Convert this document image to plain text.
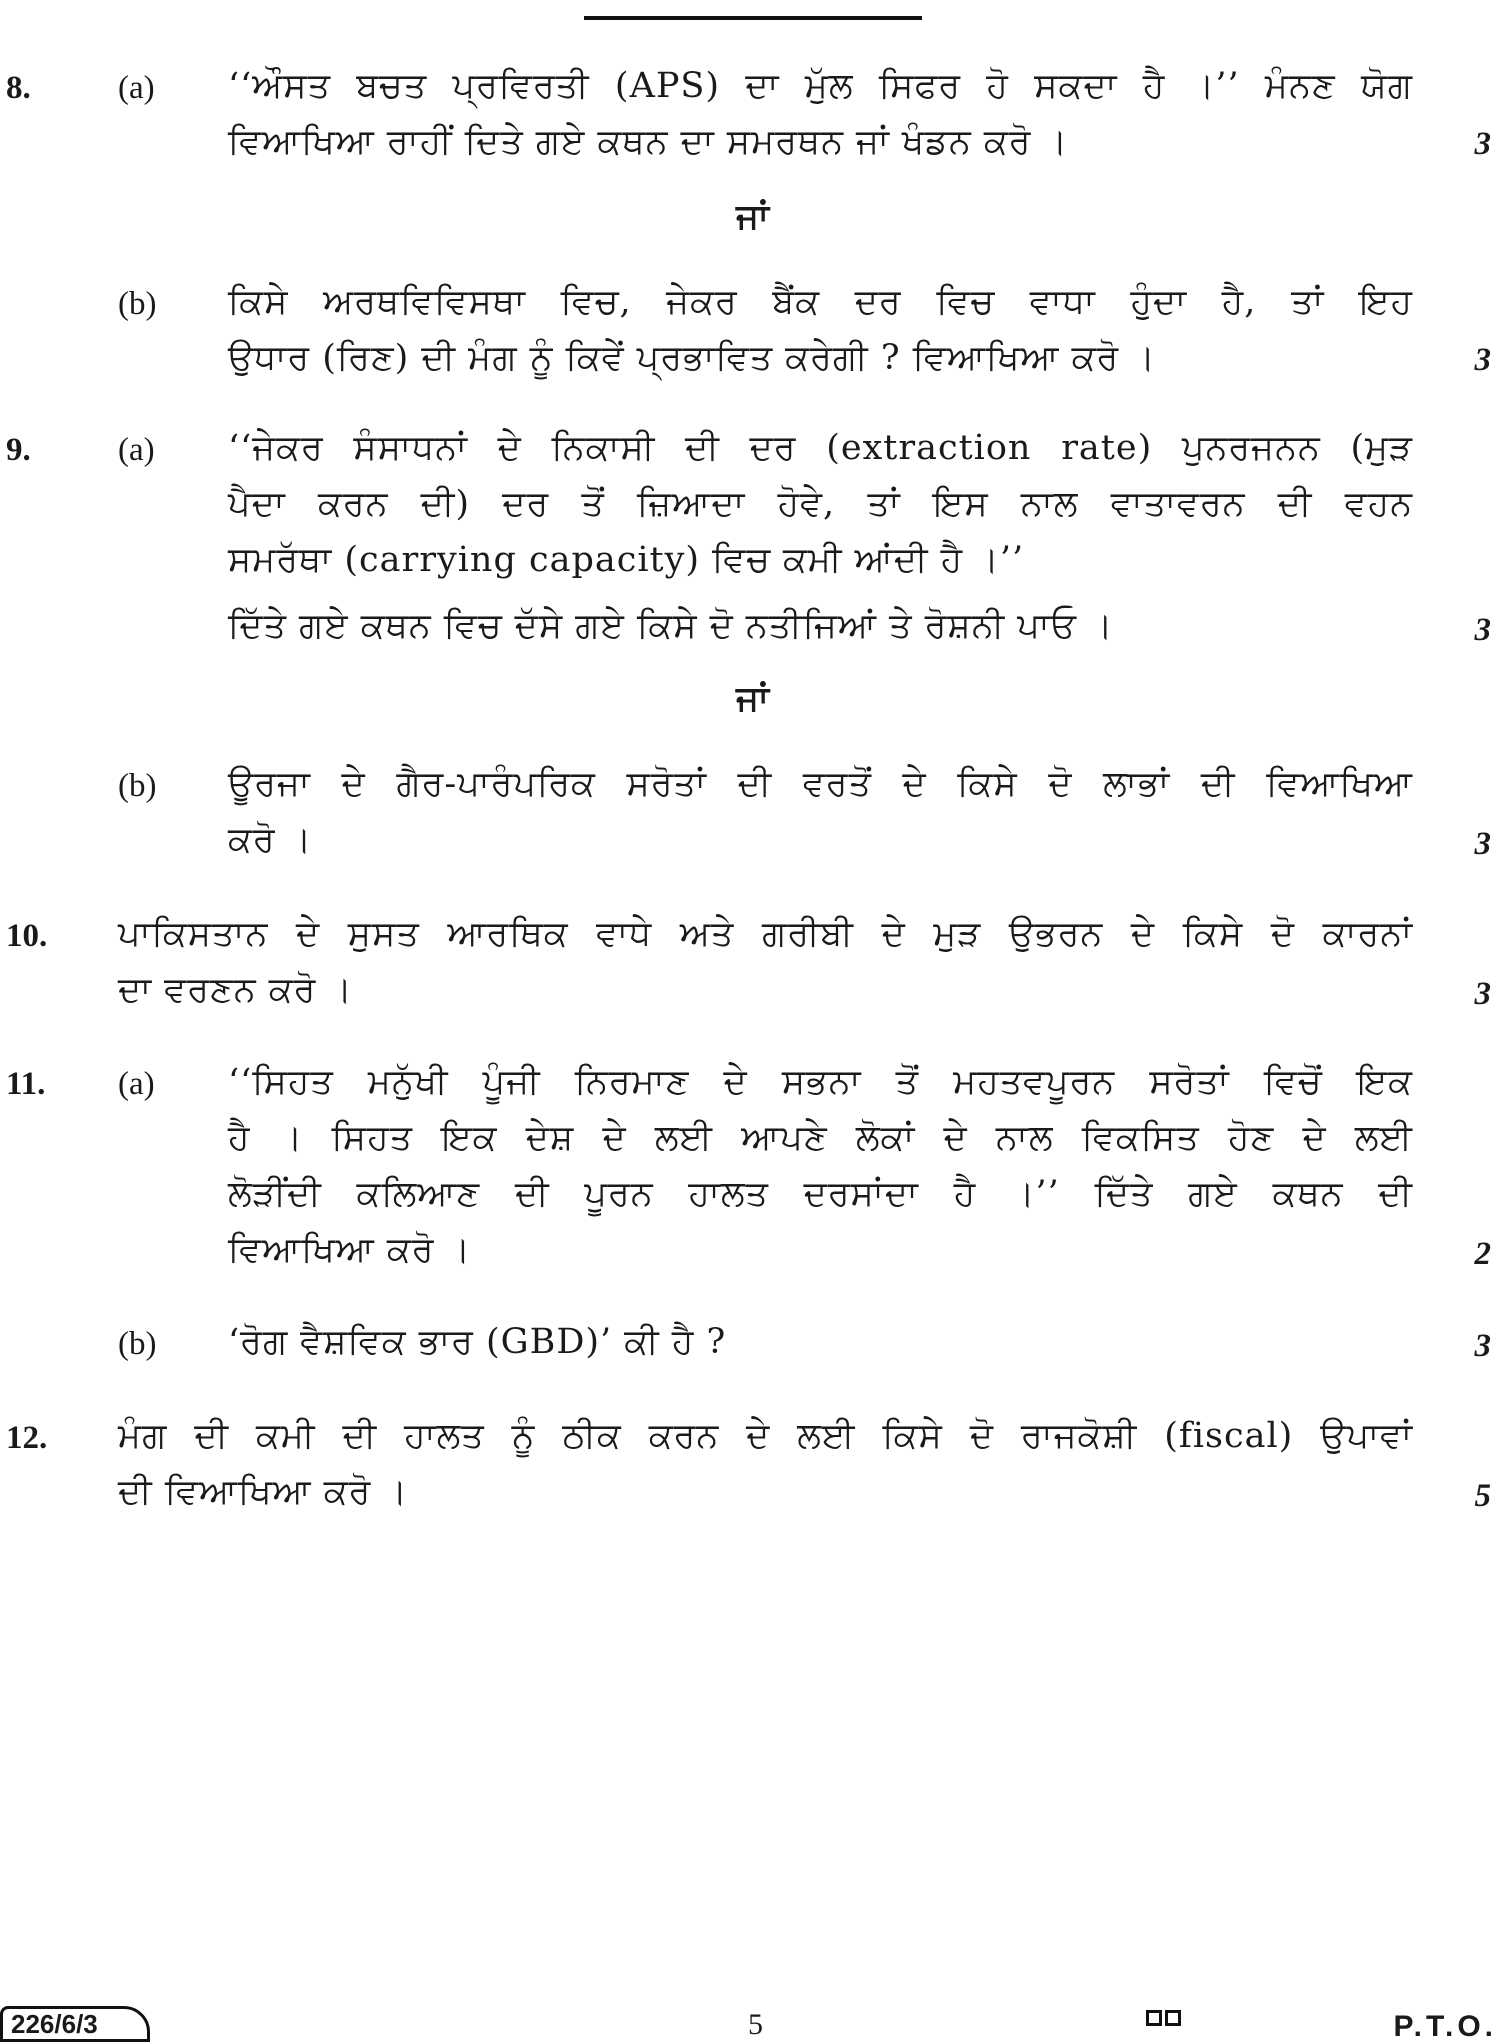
8.	(a) ‘‘ਔਸਤ ਬਚਤ ਪ੍ਰਵਿਰਤੀ (APS) ਦਾ ਮੁੱਲ ਸਿਫਰ ਹੋ ਸਕਦਾ ਹੈ ।’’ ਮੰਨਣ ਯੋਗ
ਵਿਆਖਿਆ ਰਾਹੀਂ ਦਿਤੇ ਗਏ ਕਥਨ ਦਾ ਸਮਰਥਨ ਜਾਂ ਖੰਡਨ ਕਰੋ ।	3
ਜਾਂ
(b) ਕਿਸੇ ਅਰਥਵਿਵਿਸਥਾ ਵਿਚ, ਜੇਕਰ ਬੈਂਕ ਦਰ ਵਿਚ ਵਾਧਾ ਹੁੰਦਾ ਹੈ, ਤਾਂ ਇਹ
ਉਧਾਰ (ਰਿਣ) ਦੀ ਮੰਗ ਨੂੰ ਕਿਵੇਂ ਪ੍ਰਭਾਵਿਤ ਕਰੇਗੀ ? ਵਿਆਖਿਆ ਕਰੋ ।	3
9.	(a) ‘‘ਜੇਕਰ ਸੰਸਾਧਨਾਂ ਦੇ ਨਿਕਾਸੀ ਦੀ ਦਰ (extraction rate) ਪੁਨਰਜਨਨ (ਮੁੜ
ਪੈਦਾ ਕਰਨ ਦੀ) ਦਰ ਤੋਂ ਜ਼ਿਆਦਾ ਹੋਵੇ, ਤਾਂ ਇਸ ਨਾਲ ਵਾਤਾਵਰਨ ਦੀ ਵਹਨ
ਸਮਰੱਥਾ (carrying capacity) ਵਿਚ ਕਮੀ ਆਂਦੀ ਹੈ ।’’
ਦਿੱਤੇ ਗਏ ਕਥਨ ਵਿਚ ਦੱਸੇ ਗਏ ਕਿਸੇ ਦੋ ਨਤੀਜਿਆਂ ਤੇ ਰੋਸ਼ਨੀ ਪਾਓ ।	3
ਜਾਂ
(b) ਊਰਜਾ ਦੇ ਗੈਰ-ਪਾਰੰਪਰਿਕ ਸਰੋਤਾਂ ਦੀ ਵਰਤੋਂ ਦੇ ਕਿਸੇ ਦੋ ਲਾਭਾਂ ਦੀ ਵਿਆਖਿਆ
ਕਰੋ ।	3
10. ਪਾਕਿਸਤਾਨ ਦੇ ਸੁਸਤ ਆਰਥਿਕ ਵਾਧੇ ਅਤੇ ਗਰੀਬੀ ਦੇ ਮੁੜ ਉਭਰਨ ਦੇ ਕਿਸੇ ਦੋ ਕਾਰਨਾਂ
ਦਾ ਵਰਣਨ ਕਰੋ ।	3
11. (a) ‘‘ਸਿਹਤ ਮਨੁੱਖੀ ਪੂੰਜੀ ਨਿਰਮਾਣ ਦੇ ਸਭਨਾ ਤੋਂ ਮਹਤਵਪੂਰਨ ਸਰੋਤਾਂ ਵਿਚੋਂ ਇਕ
ਹੈ । ਸਿਹਤ ਇਕ ਦੇਸ਼ ਦੇ ਲਈ ਆਪਣੇ ਲੋਕਾਂ ਦੇ ਨਾਲ ਵਿਕਸਿਤ ਹੋਣ ਦੇ ਲਈ
ਲੋੜੀਂਦੀ ਕਲਿਆਣ ਦੀ ਪੂਰਨ ਹਾਲਤ ਦਰਸਾਂਦਾ ਹੈ ।’’ ਦਿੱਤੇ ਗਏ ਕਥਨ ਦੀ
ਵਿਆਖਿਆ ਕਰੋ ।	2
(b) ‘ਰੋਗ ਵੈਸ਼ਵਿਕ ਭਾਰ (GBD)’ ਕੀ ਹੈ ?	3
12. ਮੰਗ ਦੀ ਕਮੀ ਦੀ ਹਾਲਤ ਨੂੰ ਠੀਕ ਕਰਨ ਦੇ ਲਈ ਕਿਸੇ ਦੋ ਰਾਜਕੋਸ਼ੀ (fiscal) ਉਪਾਵਾਂ
ਦੀ ਵਿਆਖਿਆ ਕਰੋ ।	5
226/6/3	5	P.T.O.
